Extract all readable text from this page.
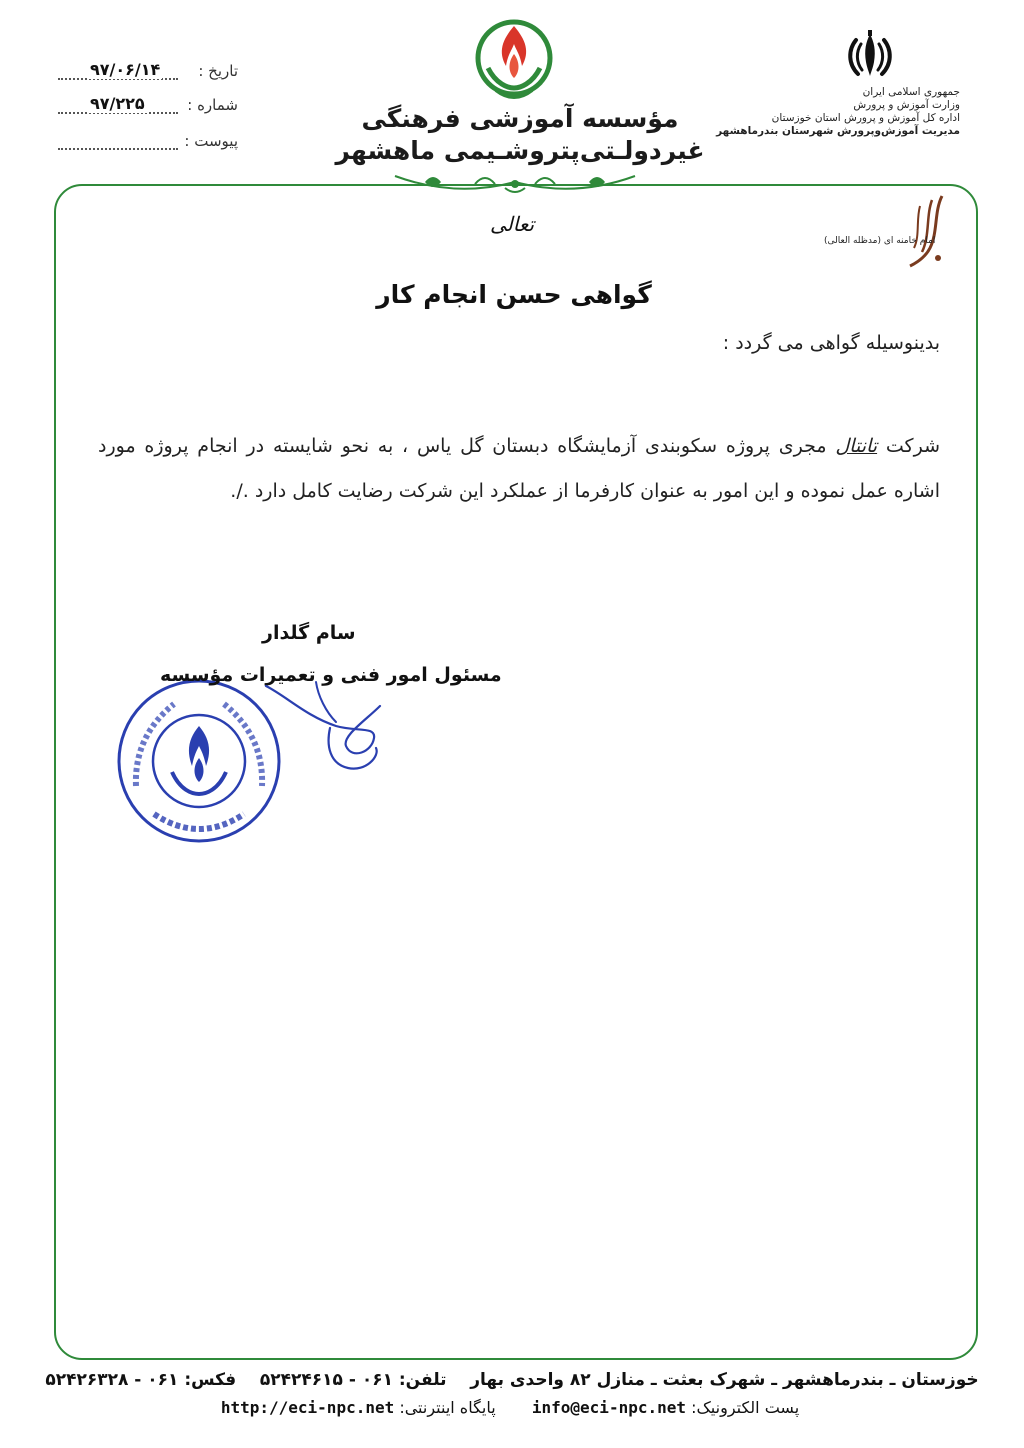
تاریخ :
۹۷/۰۶/۱۴
شماره :
۹۷/۲۲۵
پیوست :
مؤسسه آموزشی فرهنگی
غیردولـتی‌پتروشـیمی ماهشهر
جمهوری اسلامی ایران
وزارت آموزش و پرورش
اداره کل آموزش و پرورش استان خوزستان
مدیریت آموزش‌وپرورش شهرستان بندرماهشهر
تعالی
امام خامنه ای (مدظله العالی)
گواهی حسن انجام کار
بدینوسیله گواهی می گردد :
شرکت تانتال مجری پروژه سکوبندی آزمایشگاه دبستان گل یاس ، به نحو شایسته در انجام پروژه مورد اشاره عمل نموده و این امور به عنوان کارفرما از عملکرد این شرکت رضایت کامل دارد ./.
سام گلدار
مسئول امور فنی و تعمیرات مؤسسه
خوزستان ـ بندرماهشهر ـ شهرک بعثت ـ منازل ۸۲ واحدی بهار    تلفن: ۰۶۱ - ۵۲۴۲۴۶۱۵    فکس: ۰۶۱ - ۵۲۴۲۶۳۲۸
پست الکترونیک: info@eci-npc.net  پایگاه اینترنتی: http://eci-npc.net
